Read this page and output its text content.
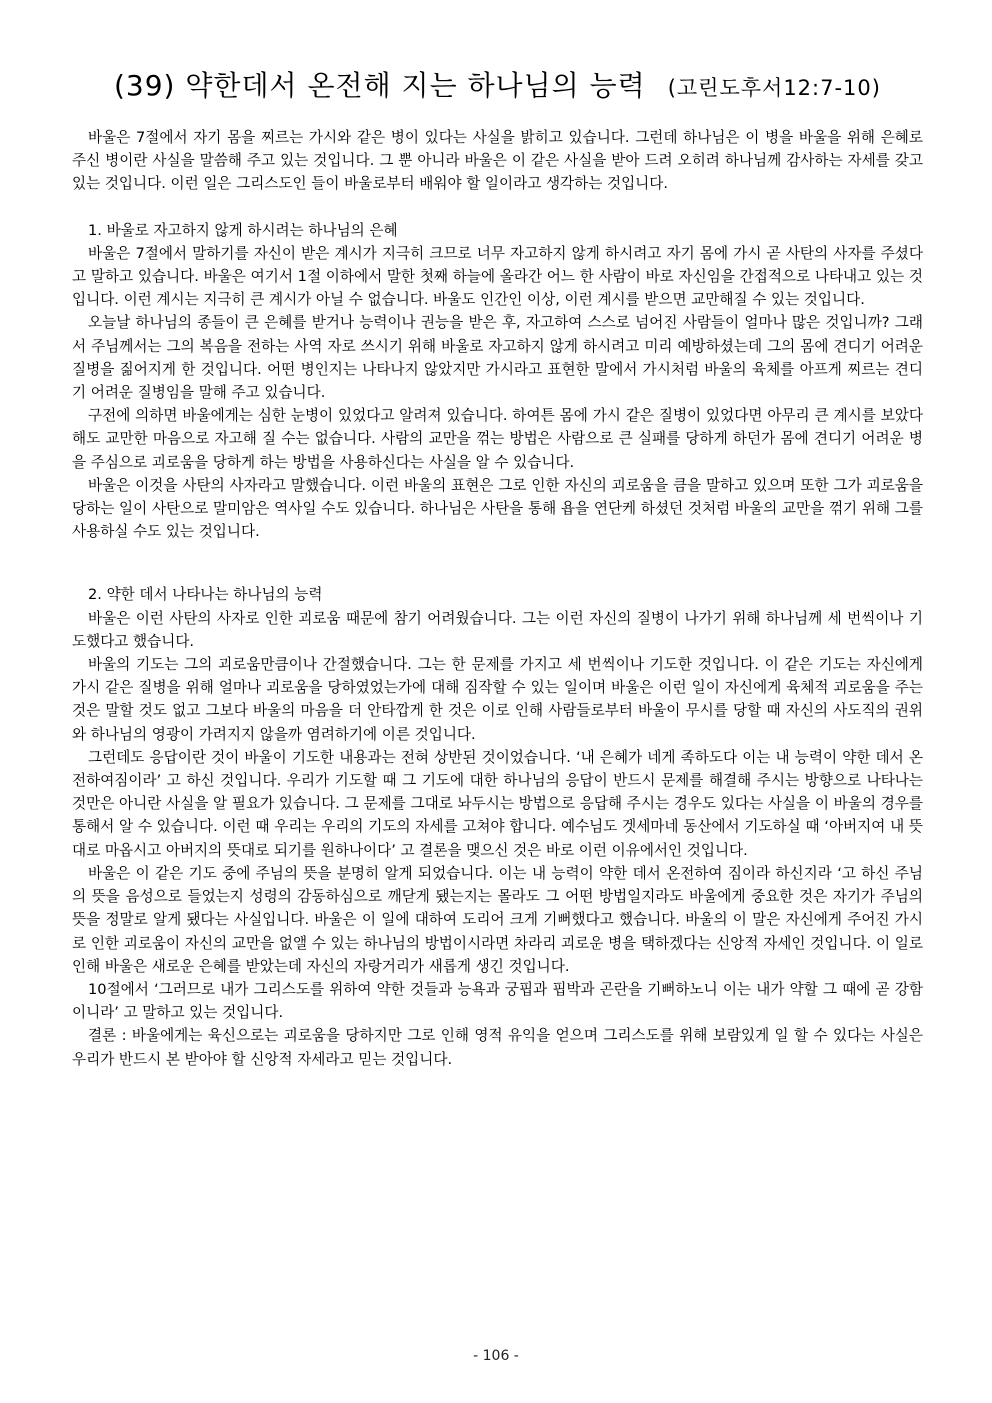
(39) 약한데서 온전해 지는 하나님의 능력 (고린도후서12:7-10)

바울은 7절에서 자기 몸을 찌르는 가시와 같은 병이 있다는 사실을 밝히고 있습니다. 그런데 하나님은 이 병을 바울을 위해 은혜로 주신 병이란 사실을 말씀해 주고 있는 것입니다. 그 뿐 아니라 바울은 이 같은 사실을 받아 드려 오히려 하나님께 감사하는 자세를 갖고 있는 것입니다. 이런 일은 그리스도인 들이 바울로부터 배워야 할 일이라고 생각하는 것입니다.

1. 바울로 자고하지 않게 하시려는 하나님의 은혜

바울은 7절에서 말하기를 자신이 받은 계시가 지극히 크므로 너무 자고하지 않게 하시려고 자기 몸에 가시 곧 사탄의 사자를 주셨다고 말하고 있습니다. 바울은 여기서 1절 이하에서 말한 첫째 하늘에 올라간 어느 한 사람이 바로 자신임을 간접적으로 나타내고 있는 것입니다. 이런 계시는 지극히 큰 계시가 아닐 수 없습니다. 바울도 인간인 이상, 이런 계시를 받으면 교만해질 수 있는 것입니다.

오늘날 하나님의 종들이 큰 은혜를 받거나 능력이나 권능을 받은 후, 자고하여 스스로 넘어진 사람들이 얼마나 많은 것입니까? 그래서 주님께서는 그의 복음을 전하는 사역 자로 쓰시기 위해 바울로 자고하지 않게 하시려고 미리 예방하셨는데 그의 몸에 견디기 어려운 질병을 짊어지게 한 것입니다. 어떤 병인지는 나타나지 않았지만 가시라고 표현한 말에서 가시처럼 바울의 육체를 아프게 찌르는 견디기 어려운 질병임을 말해 주고 있습니다.

구전에 의하면 바울에게는 심한 눈병이 있었다고 알려져 있습니다. 하여튼 몸에 가시 같은 질병이 있었다면 아무리 큰 계시를 보았다 해도 교만한 마음으로 자고해 질 수는 없습니다. 사람의 교만을 꺾는 방법은 사람으로 큰 실패를 당하게 하던가 몸에 견디기 어려운 병을 주심으로 괴로움을 당하게 하는 방법을 사용하신다는 사실을 알 수 있습니다.

바울은 이것을 사탄의 사자라고 말했습니다. 이런 바울의 표현은 그로 인한 자신의 괴로움을 큼을 말하고 있으며 또한 그가 괴로움을 당하는 일이 사탄으로 말미암은 역사일 수도 있습니다. 하나님은 사탄을 통해 욥을 연단케 하셨던 것처럼 바울의 교만을 꺾기 위해 그를 사용하실 수도 있는 것입니다.

2. 약한 데서 나타나는 하나님의 능력

바울은 이런 사탄의 사자로 인한 괴로움 때문에 참기 어려웠습니다. 그는 이런 자신의 질병이 나가기 위해 하나님께 세 번씩이나 기도했다고 했습니다.

바울의 기도는 그의 괴로움만큼이나 간절했습니다. 그는 한 문제를 가지고 세 번씩이나 기도한 것입니다. 이 같은 기도는 자신에게 가시 같은 질병을 위해 얼마나 괴로움을 당하였었는가에 대해 짐작할 수 있는 일이며 바울은 이런 일이 자신에게 육체적 괴로움을 주는 것은 말할 것도 없고 그보다 바울의 마음을 더 안타깝게 한 것은 이로 인해 사람들로부터 바울이 무시를 당할 때 자신의 사도직의 권위와 하나님의 영광이 가려지지 않을까 염려하기에 이른 것입니다.

그런데도 응답이란 것이 바울이 기도한 내용과는 전혀 상반된 것이었습니다. ‘내 은혜가 네게 족하도다 이는 내 능력이 약한 데서 온전하여짐이라’ 고 하신 것입니다. 우리가 기도할 때 그 기도에 대한 하나님의 응답이 반드시 문제를 해결해 주시는 방향으로 나타나는 것만은 아니란 사실을 알 필요가 있습니다. 그 문제를 그대로 놔두시는 방법으로 응답해 주시는 경우도 있다는 사실을 이 바울의 경우를 통해서 알 수 있습니다. 이런 때 우리는 우리의 기도의 자세를 고쳐야 합니다. 예수님도 겟세마네 동산에서 기도하실 때 ‘아버지여 내 뜻대로 마옵시고 아버지의 뜻대로 되기를 원하나이다’ 고 결론을 맺으신 것은 바로 이런 이유에서인 것입니다.

바울은 이 같은 기도 중에 주님의 뜻을 분명히 알게 되었습니다. 이는 내 능력이 약한 데서 온전하여 짐이라 하신지라 ‘고 하신 주님의 뜻을 음성으로 들었는지 성령의 감동하심으로 깨닫게 됐는지는 몰라도 그 어떤 방법일지라도 바울에게 중요한 것은 자기가 주님의 뜻을 정말로 알게 됐다는 사실입니다. 바울은 이 일에 대하여 도리어 크게 기뻐했다고 했습니다. 바울의 이 말은 자신에게 주어진 가시로 인한 괴로움이 자신의 교만을 없앨 수 있는 하나님의 방법이시라면 차라리 괴로운 병을 택하겠다는 신앙적 자세인 것입니다. 이 일로 인해 바울은 새로운 은혜를 받았는데 자신의 자랑거리가 새롭게 생긴 것입니다.

10절에서 ‘그러므로 내가 그리스도를 위하여 약한 것들과 능욕과 궁핍과 핍박과 곤란을 기뻐하노니 이는 내가 약할 그 때에 곧 강함이니라’ 고 말하고 있는 것입니다.

결론 : 바울에게는 육신으로는 괴로움을 당하지만 그로 인해 영적 유익을 얻으며 그리스도를 위해 보람있게 일 할 수 있다는 사실은 우리가 반드시 본 받아야 할 신앙적 자세라고 믿는 것입니다.

- 106 -
